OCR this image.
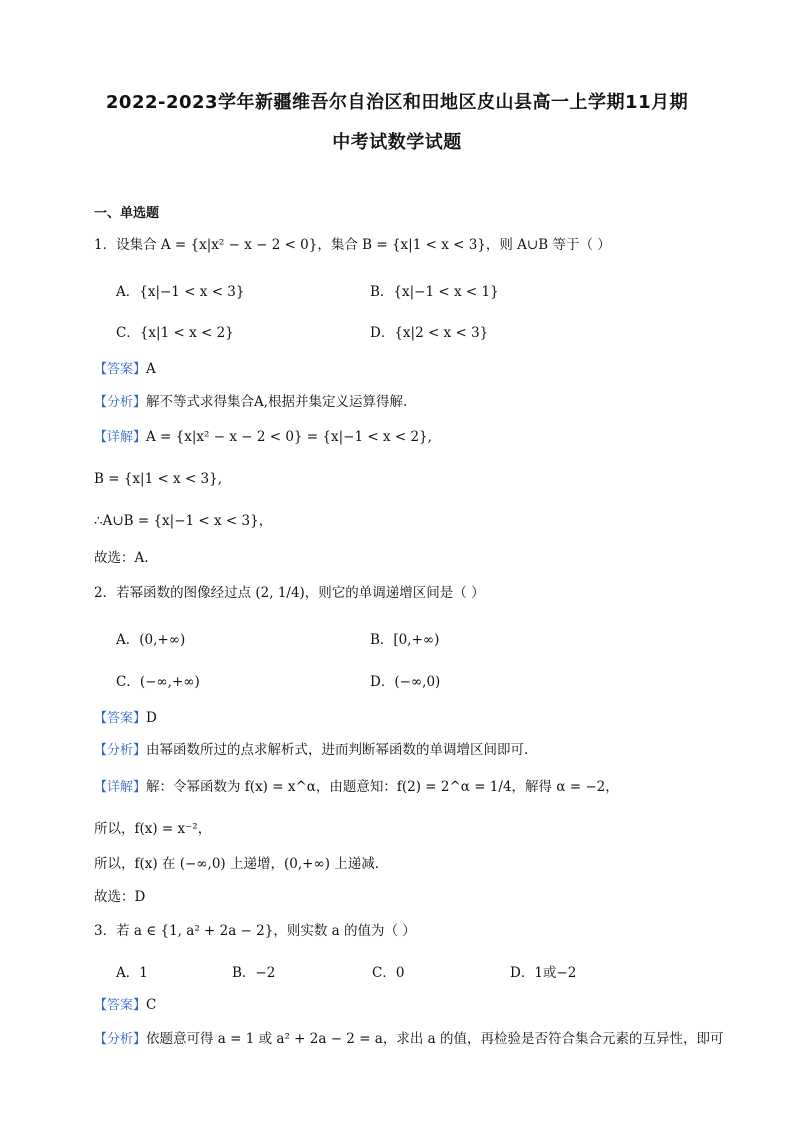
2022-2023学年新疆维吾尔自治区和田地区皮山县高一上学期11月期
中考试数学试题
一、单选题
1．设集合 A = {x|x² − x − 2 < 0}，集合 B = {x|1 < x < 3}，则 A∪B 等于（ ）
A．{x|−1 < x < 3}	B．{x|−1 < x < 1}
C．{x|1 < x < 2}	D．{x|2 < x < 3}
【答案】A
【分析】解不等式求得集合A,根据并集定义运算得解.
【详解】A = {x|x² − x − 2 < 0} = {x|−1 < x < 2},
B = {x|1 < x < 3},
∴A∪B = {x|−1 < x < 3}，
故选：A.
2．若幂函数的图像经过点 (2, 1/4)，则它的单调递增区间是（ ）
A．(0,+∞)	B．[0,+∞)
C．(−∞,+∞)	D．(−∞,0)
【答案】D
【分析】由幂函数所过的点求解析式，进而判断幂函数的单调增区间即可.
【详解】解：令幂函数为 f(x) = x^α，由题意知：f(2) = 2^α = 1/4，解得 α = −2，
所以，f(x) = x⁻²，
所以，f(x) 在 (−∞,0) 上递增，(0,+∞) 上递减.
故选：D
3．若 a ∈ {1, a² + 2a − 2}，则实数 a 的值为（ ）
A．1	B．−2	C．0	D．1或−2
【答案】C
【分析】依题意可得 a = 1 或 a² + 2a − 2 = a，求出 a 的值，再检验是否符合集合元素的互异性，即可
